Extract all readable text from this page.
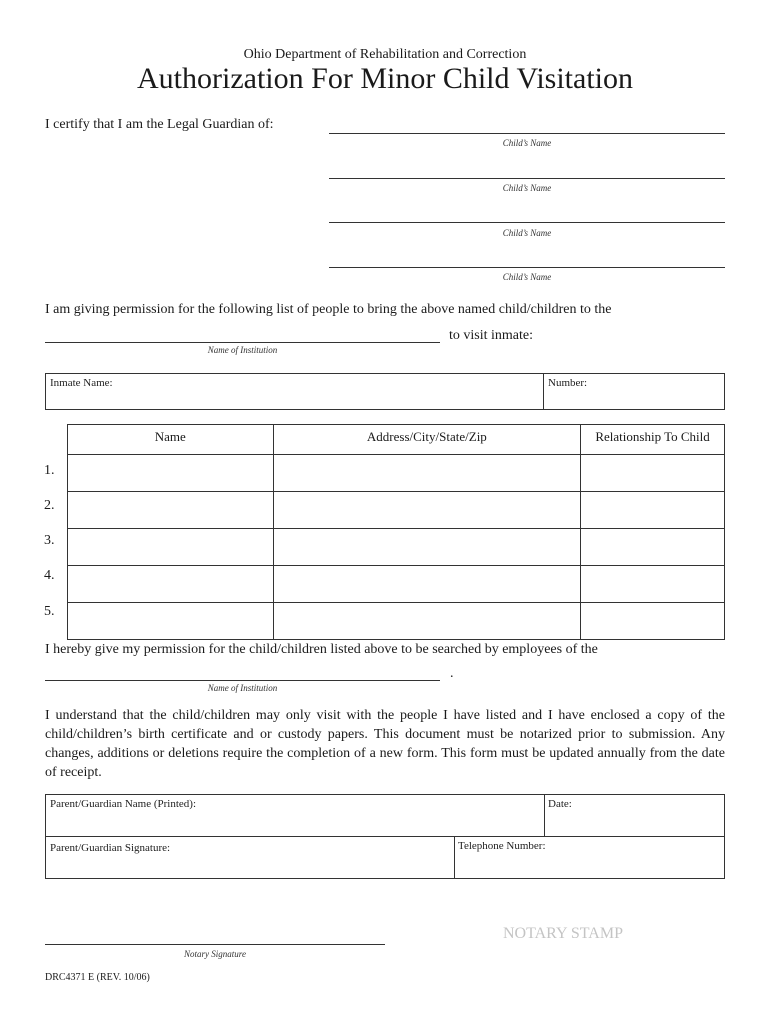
Ohio Department of Rehabilitation and Correction
Authorization For Minor Child Visitation
I certify that I am the Legal Guardian of:
Child’s Name
Child’s Name
Child’s Name
Child’s Name
I am giving permission for the following list of people to bring the above named child/children to the
to visit inmate:
Name of Institution
Inmate Name:	Number:
Name	Address/City/State/Zip	Relationship To Child

1.
2.
3.
4.
5.
I hereby give my permission for the child/children listed above to be searched by employees of the
.
Name of Institution
I understand that the child/children may only visit with the people I have listed and I have enclosed a copy of the child/children’s birth certificate and or custody papers. This document must be notarized prior to submission. Any changes, additions or deletions require the completion of a new form. This form must be updated annually from the date of receipt.
Parent/Guardian Name (Printed):	Date:
Parent/Guardian Signature:	Telephone Number:
NOTARY STAMP
Notary Signature
DRC4371 E (REV. 10/06)
